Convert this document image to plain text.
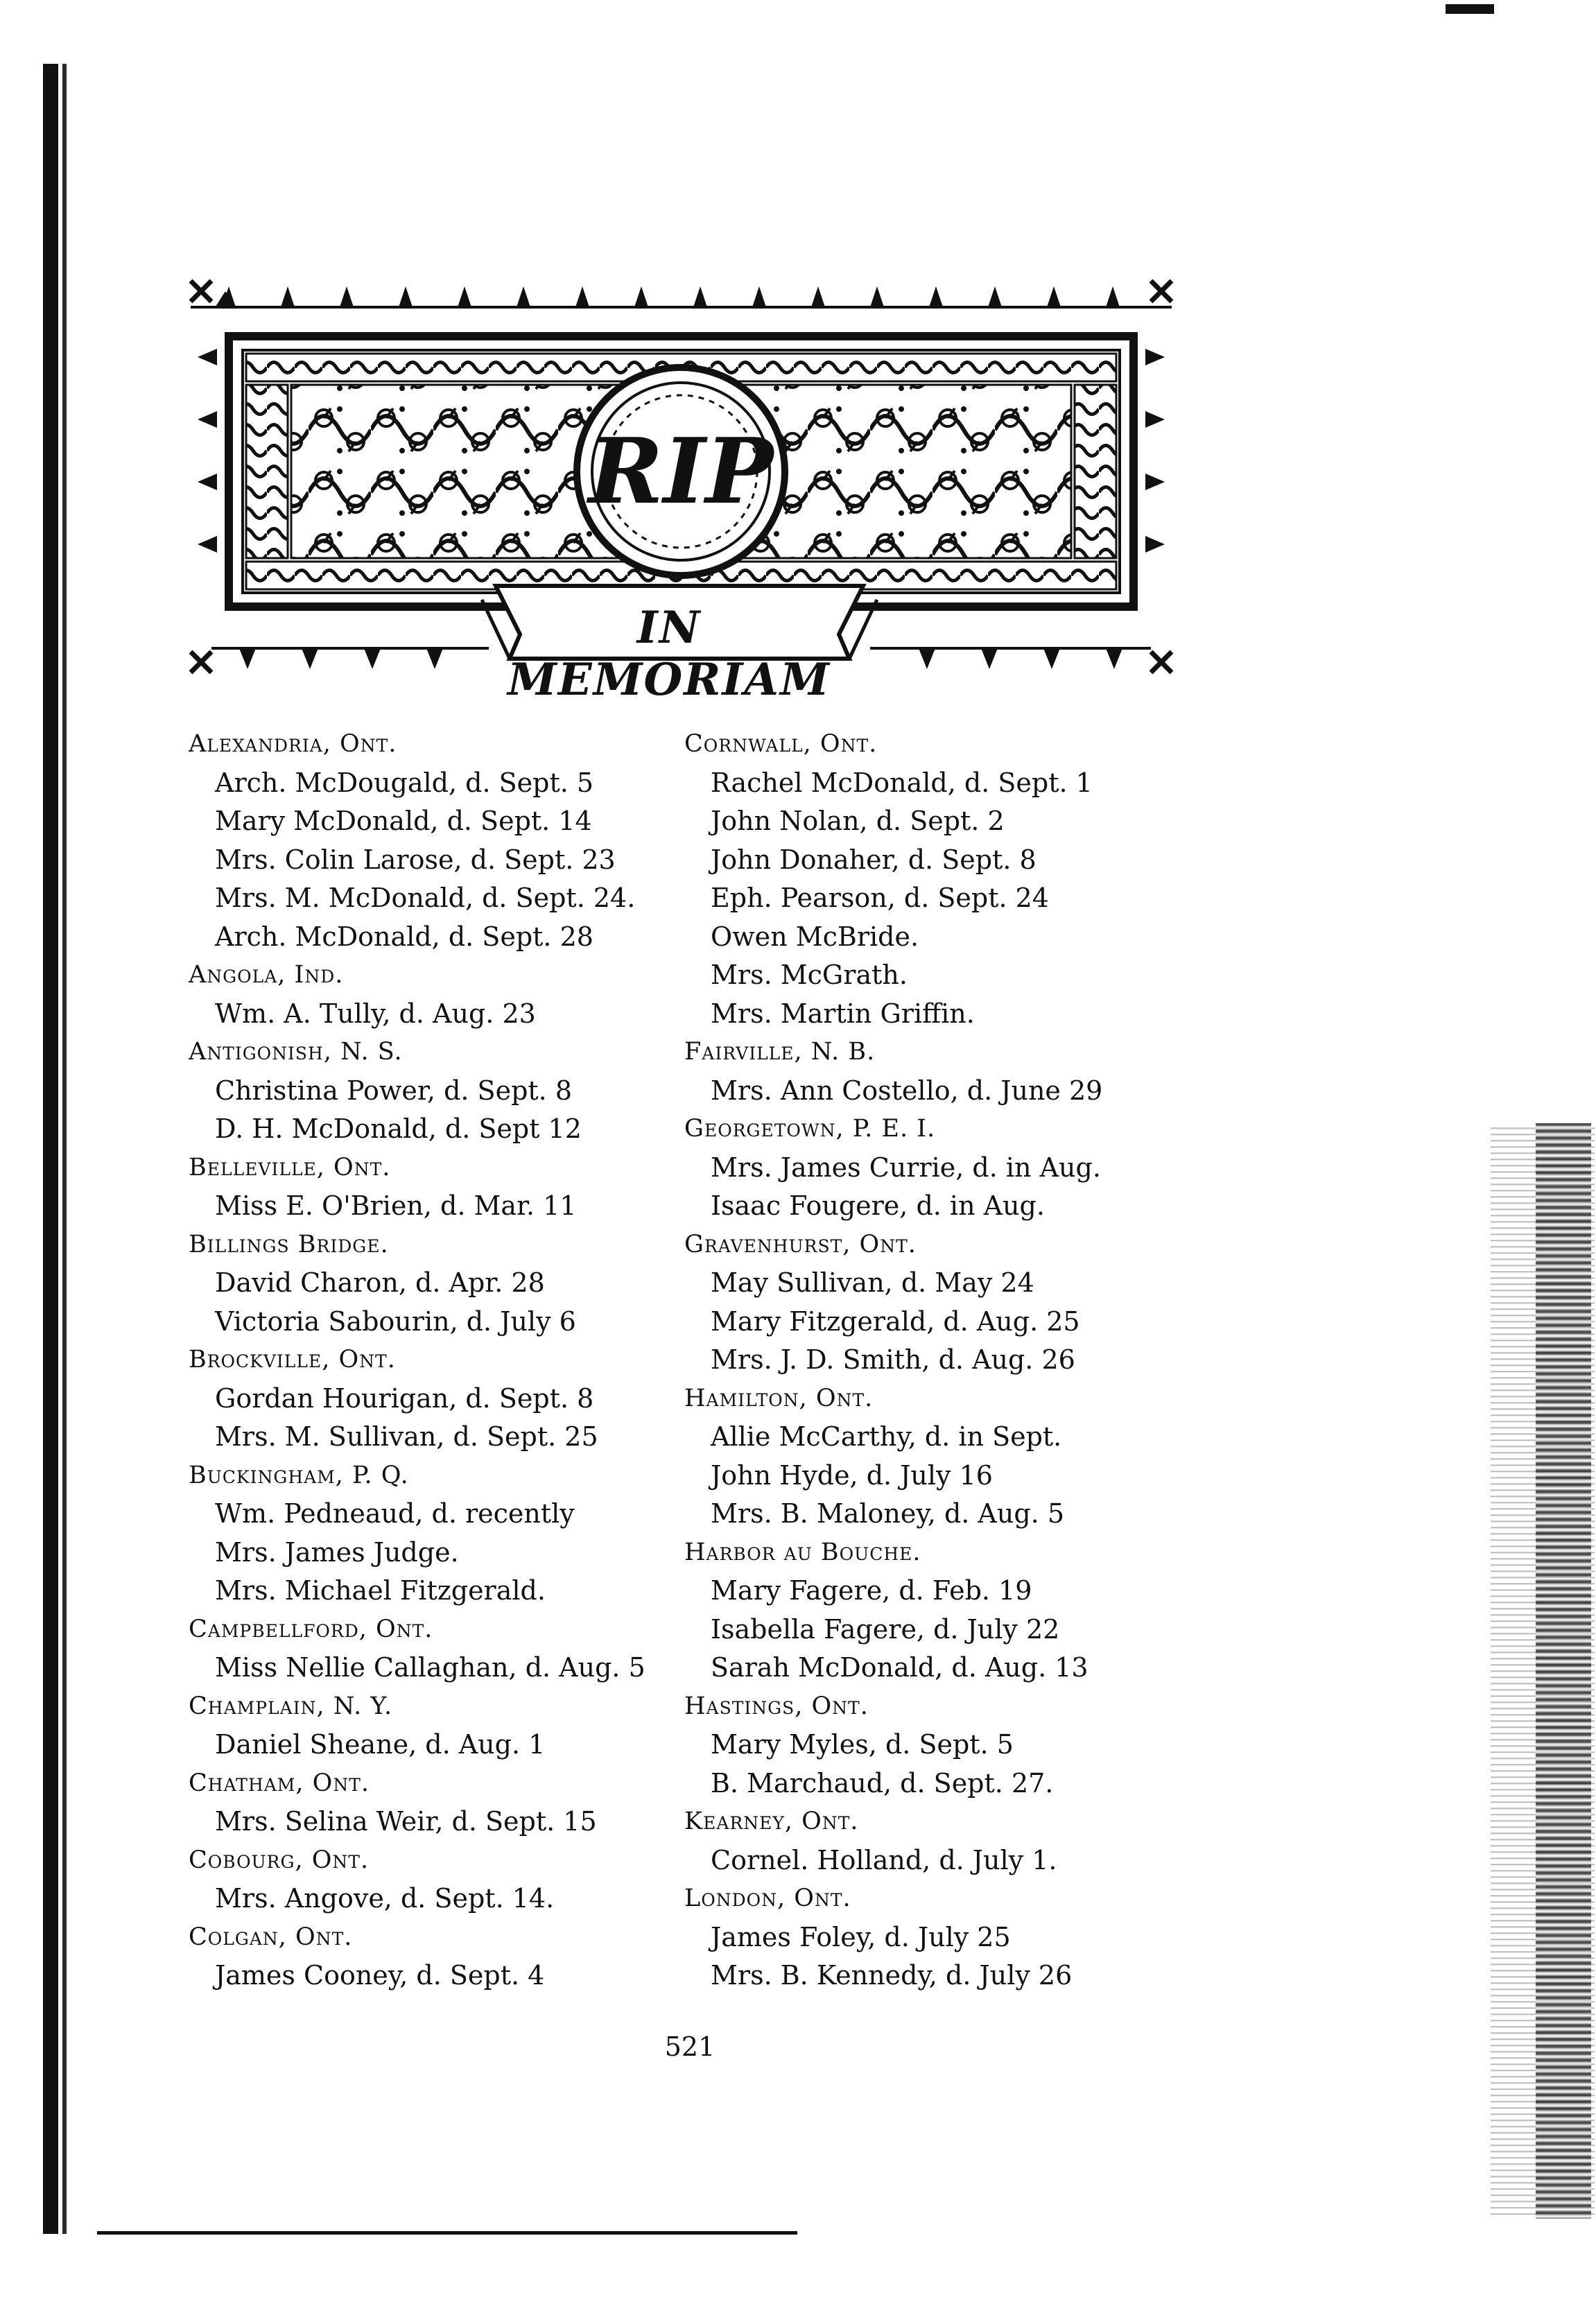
RIP
IN MEMORIAM
Alexandria, Ont.
Arch. McDougald, d. Sept. 5
Mary McDonald, d. Sept. 14
Mrs. Colin Larose, d. Sept. 23
Mrs. M. McDonald, d. Sept. 24.
Arch. McDonald, d. Sept. 28
Angola, Ind.
Wm. A. Tully, d. Aug. 23
Antigonish, N. S.
Christina Power, d. Sept. 8
D. H. McDonald, d. Sept 12
Belleville, Ont.
Miss E. O'Brien, d. Mar. 11
Billings Bridge.
David Charon, d. Apr. 28
Victoria Sabourin, d. July 6
Brockville, Ont.
Gordan Hourigan, d. Sept. 8
Mrs. M. Sullivan, d. Sept. 25
Buckingham, P. Q.
Wm. Pedneaud, d. recently
Mrs. James Judge.
Mrs. Michael Fitzgerald.
Campbellford, Ont.
Miss Nellie Callaghan, d. Aug. 5
Champlain, N. Y.
Daniel Sheane, d. Aug. 1
Chatham, Ont.
Mrs. Selina Weir, d. Sept. 15
Cobourg, Ont.
Mrs. Angove, d. Sept. 14.
Colgan, Ont.
James Cooney, d. Sept. 4
Cornwall, Ont.
Rachel McDonald, d. Sept. 1
John Nolan, d. Sept. 2
John Donaher, d. Sept. 8
Eph. Pearson, d. Sept. 24
Owen McBride.
Mrs. McGrath.
Mrs. Martin Griffin.
Fairville, N. B.
Mrs. Ann Costello, d. June 29
Georgetown, P. E. I.
Mrs. James Currie, d. in Aug.
Isaac Fougere, d. in Aug.
Gravenhurst, Ont.
May Sullivan, d. May 24
Mary Fitzgerald, d. Aug. 25
Mrs. J. D. Smith, d. Aug. 26
Hamilton, Ont.
Allie McCarthy, d. in Sept.
John Hyde, d. July 16
Mrs. B. Maloney, d. Aug. 5
Harbor au Bouche.
Mary Fagere, d. Feb. 19
Isabella Fagere, d. July 22
Sarah McDonald, d. Aug. 13
Hastings, Ont.
Mary Myles, d. Sept. 5
B. Marchaud, d. Sept. 27.
Kearney, Ont.
Cornel. Holland, d. July 1.
London, Ont.
James Foley, d. July 25
Mrs. B. Kennedy, d. July 26
521
